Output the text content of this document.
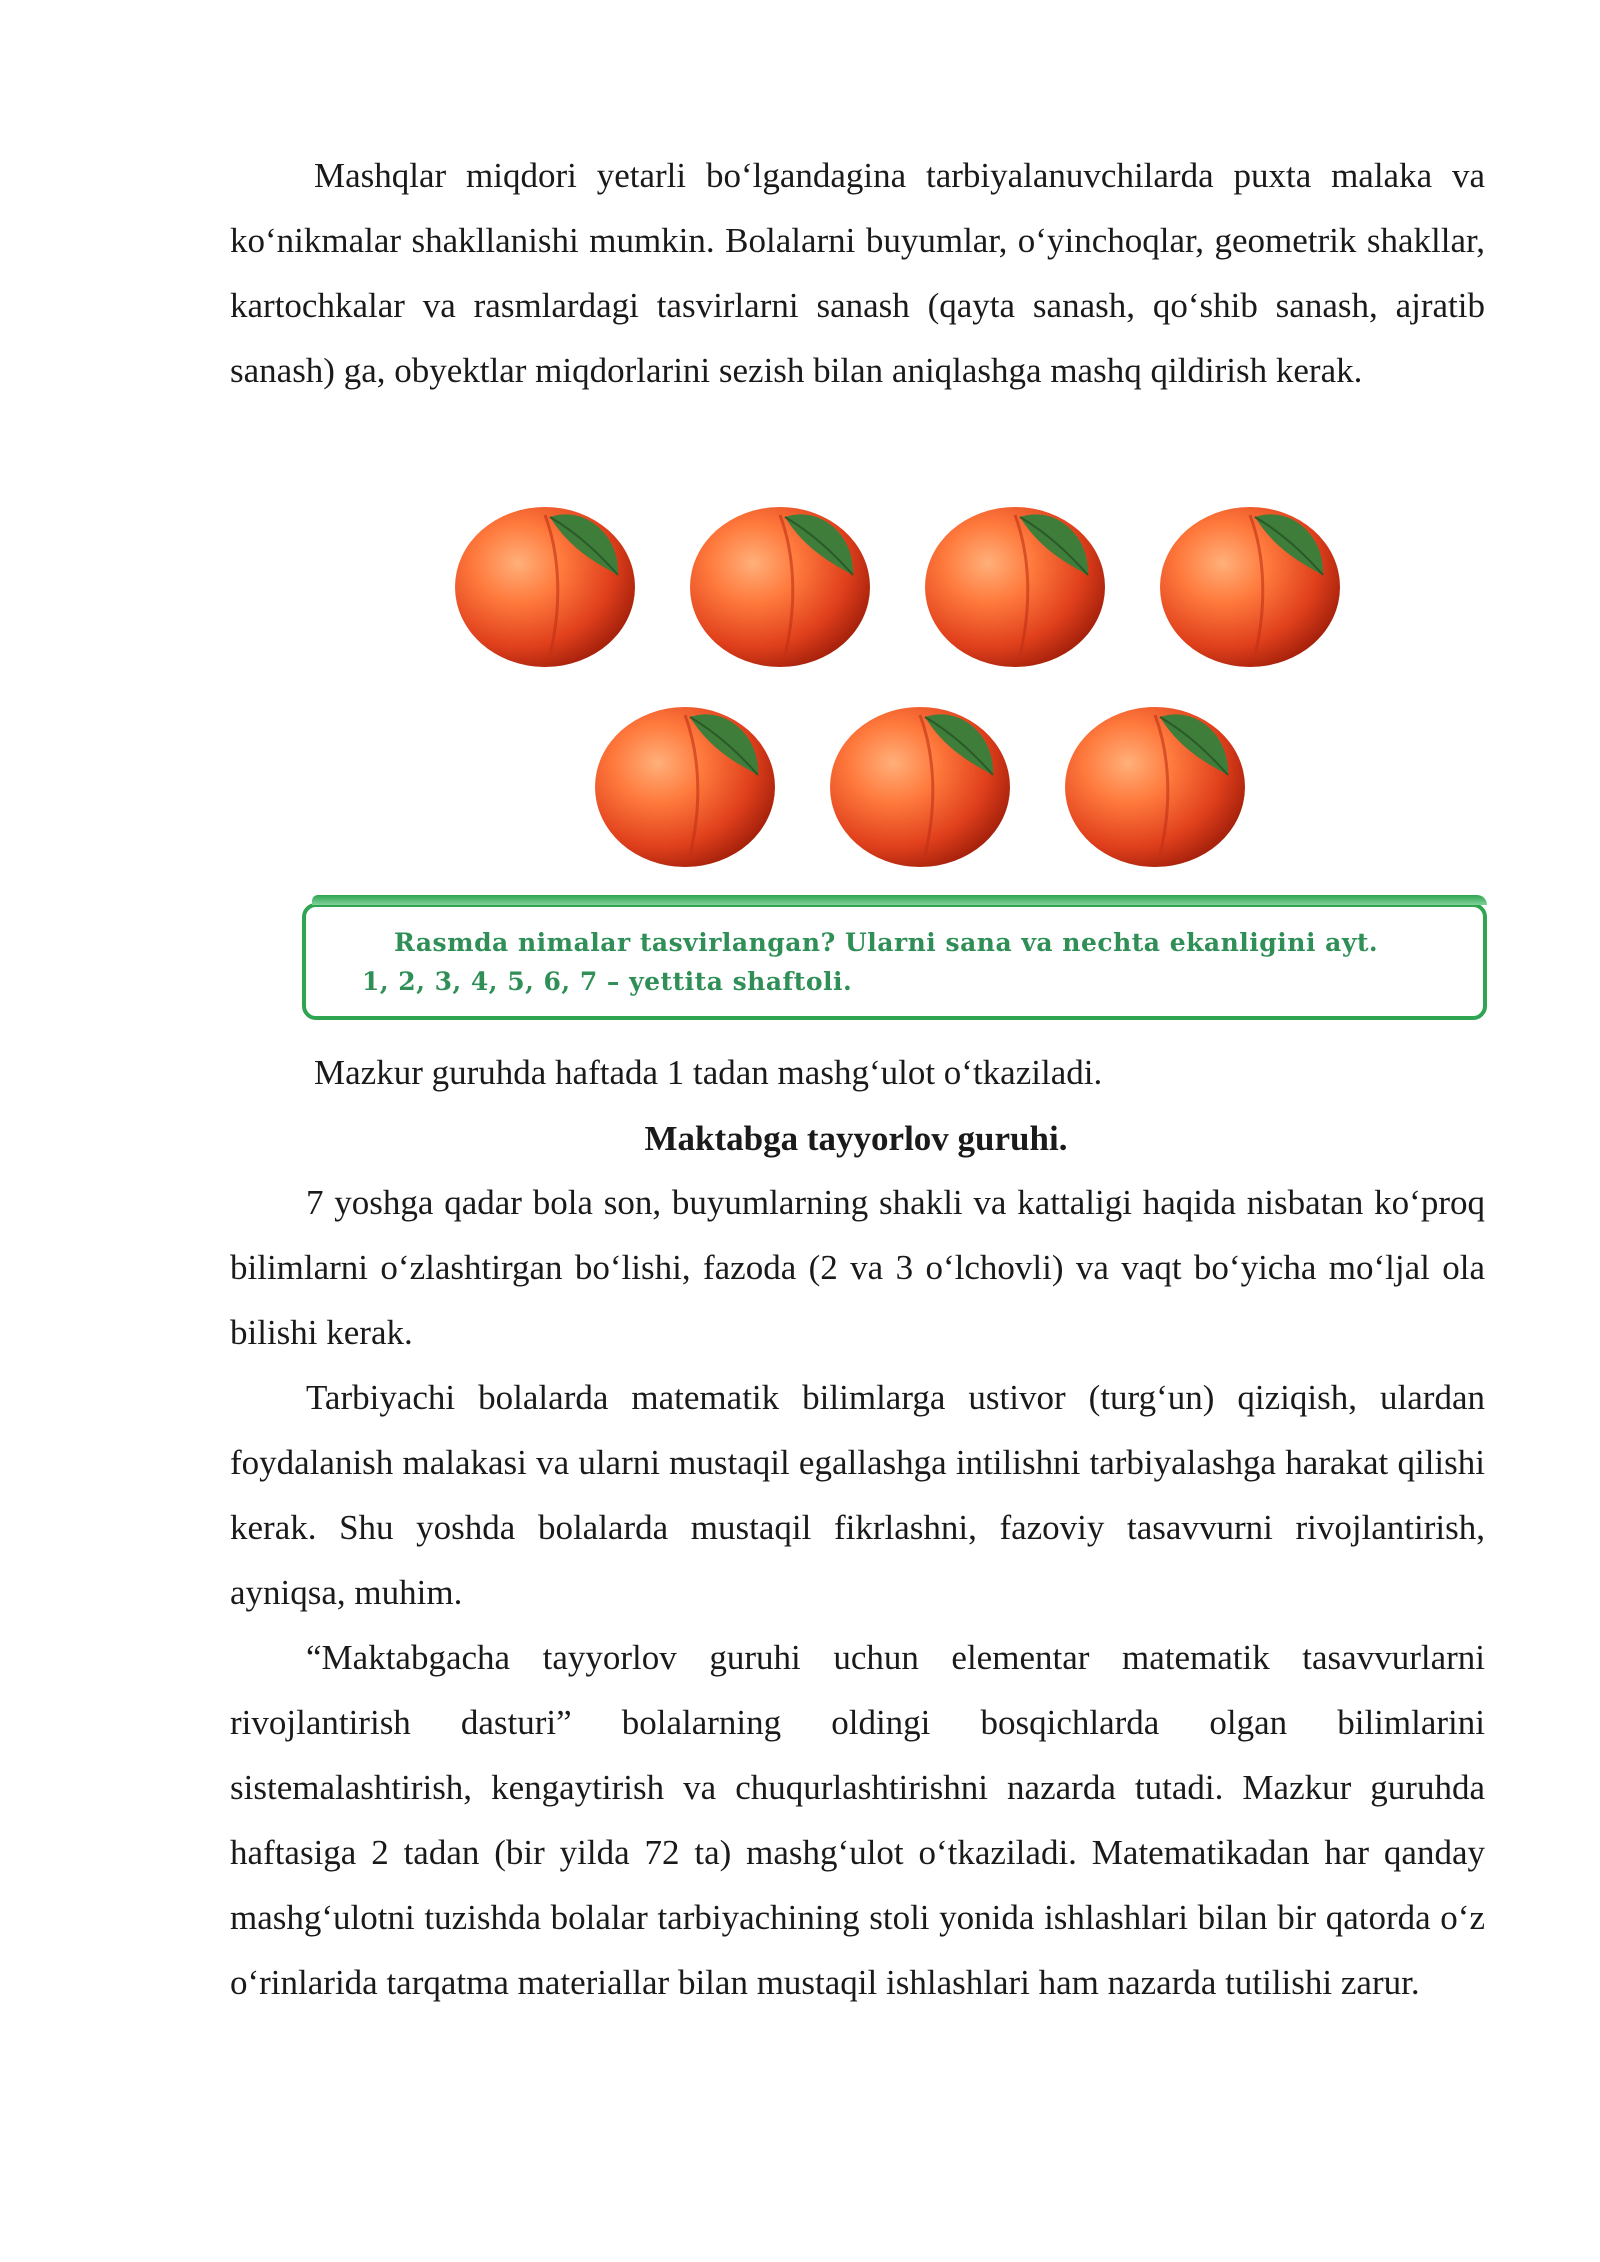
Mashqlar miqdori yetarli bo‘lgandagina tarbiyalanuvchilarda puxta malaka va ko‘nikmalar shakllanishi mumkin. Bolalarni buyumlar, o‘yinchoqlar, geometrik shakllar, kartochkalar va rasmlardagi tasvirlarni sanash (qayta sanash, qo‘shib sanash, ajratib sanash) ga, obyektlar miqdorlarini sezish bilan aniqlashga mashq qildirish kerak.

Rasmda nimalar tasvirlangan? Ularni sana va nechta ekanligini ayt.
1, 2, 3, 4, 5, 6, 7 – yettita shaftoli.

Mazkur guruhda haftada 1 tadan mashg‘ulot o‘tkaziladi.

Maktabga tayyorlov guruhi.

7 yoshga qadar bola son, buyumlarning shakli va kattaligi haqida nisbatan ko‘proq bilimlarni o‘zlashtirgan bo‘lishi, fazoda (2 va 3 o‘lchovli) va vaqt bo‘yicha mo‘ljal ola bilishi kerak.

Tarbiyachi bolalarda matematik bilimlarga ustivor (turg‘un) qiziqish, ulardan foydalanish malakasi va ularni mustaqil egallashga intilishni tarbiyalashga harakat qilishi kerak. Shu yoshda bolalarda mustaqil fikrlashni, fazoviy tasavvurni rivojlantirish, ayniqsa, muhim.

“Maktabgacha tayyorlov guruhi uchun elementar matematik tasavvurlarni rivojlantirish dasturi” bolalarning oldingi bosqichlarda olgan bilimlarini sistemalashtirish, kengaytirish va chuqurlashtirishni nazarda tutadi. Mazkur guruhda haftasiga 2 tadan (bir yilda 72 ta) mashg‘ulot o‘tkaziladi. Matematikadan har qanday mashg‘ulotni tuzishda bolalar tarbiyachining stoli yonida ishlashlari bilan bir qatorda o‘z o‘rinlarida tarqatma materiallar bilan mustaqil ishlashlari ham nazarda tutilishi zarur.
